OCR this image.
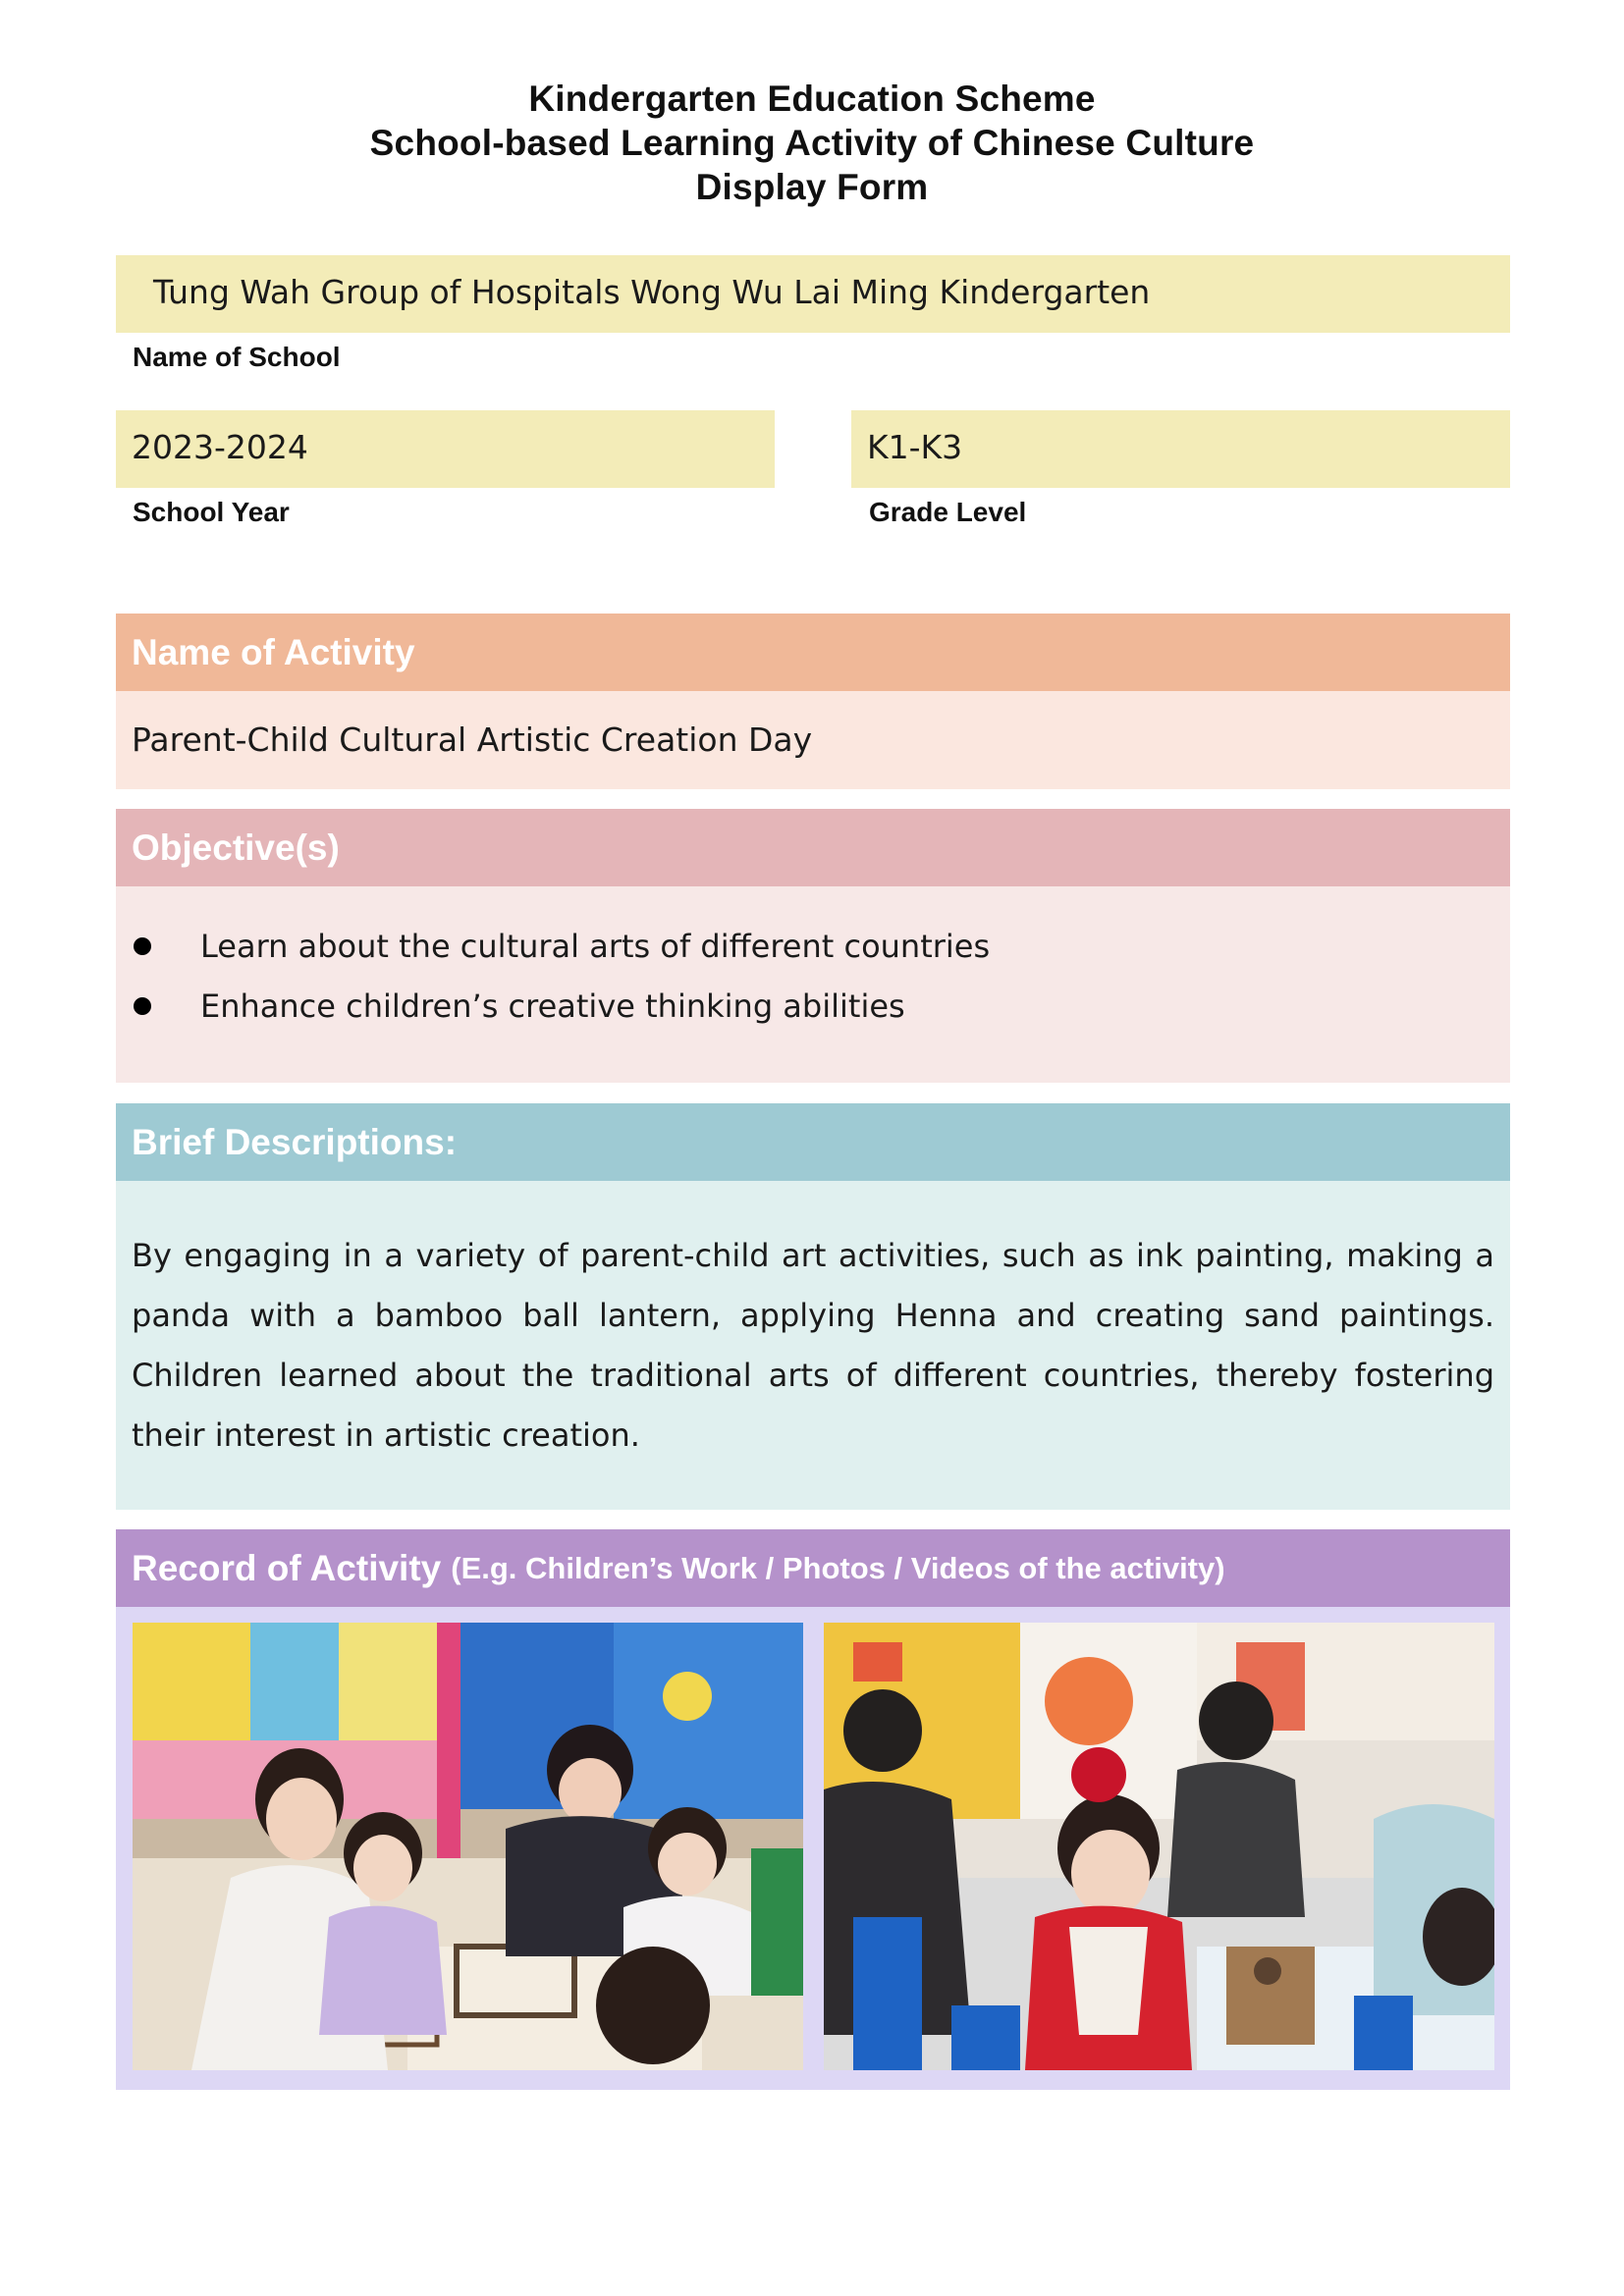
Kindergarten Education Scheme
School-based Learning Activity of Chinese Culture
Display Form
Tung Wah Group of Hospitals Wong Wu Lai Ming Kindergarten
Name of School
2023-2024
School Year
K1-K3
Grade Level
Name of Activity
Parent-Child Cultural Artistic Creation Day
Objective(s)
Learn about the cultural arts of different countries
Enhance children’s creative thinking abilities
Brief Descriptions:
By engaging in a variety of parent-child art activities, such as ink painting, making a panda with a bamboo ball lantern, applying Henna and creating sand paintings. Children learned about the traditional arts of different countries, thereby fostering their interest in artistic creation.
Record of Activity (E.g. Children’s Work / Photos / Videos of the activity)
